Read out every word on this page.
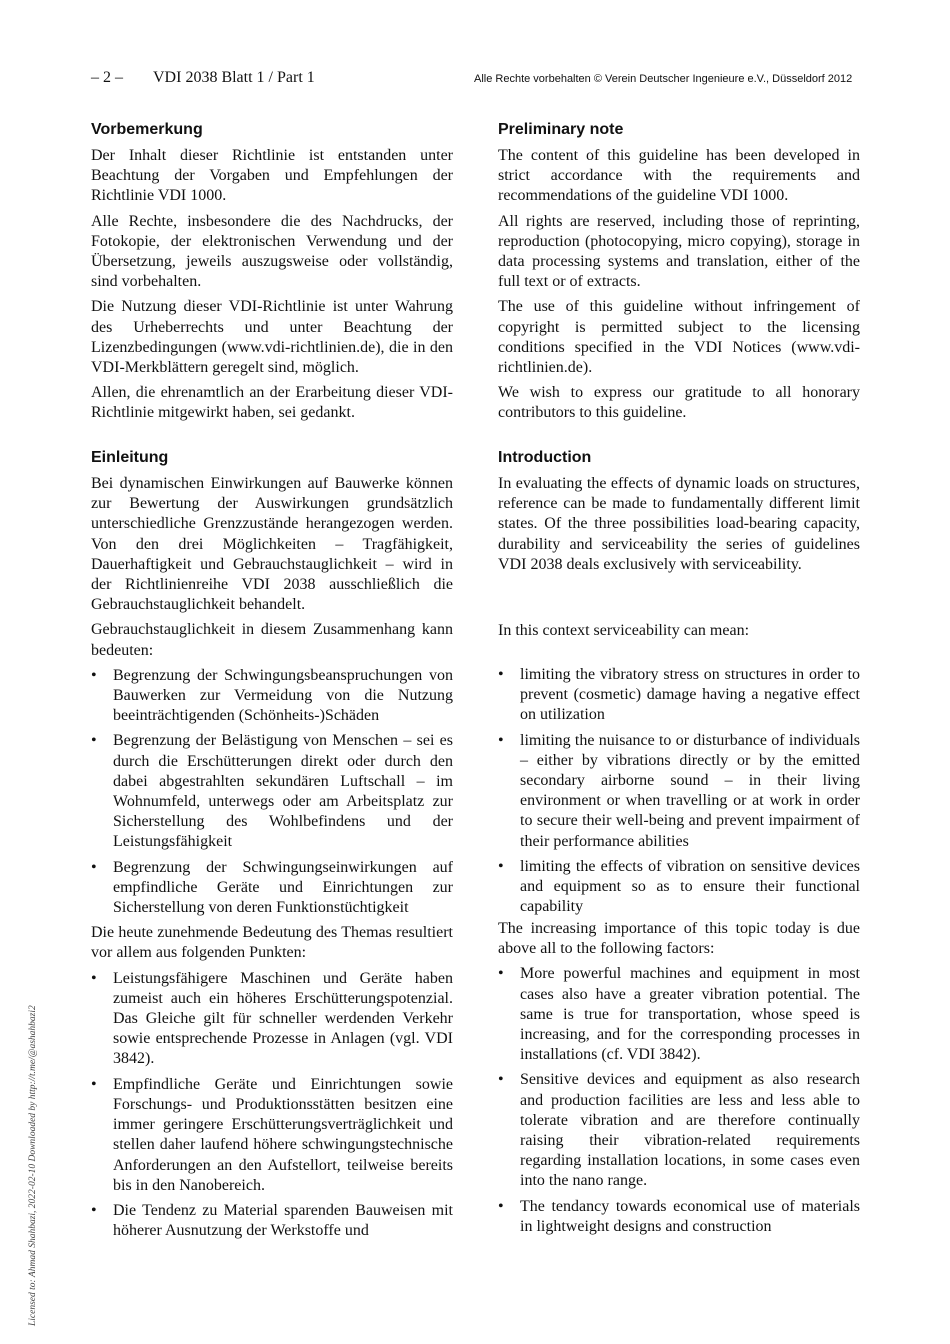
– 2 – VDI 2038 Blatt 1 / Part 1	Alle Rechte vorbehalten © Verein Deutscher Ingenieure e.V., Düsseldorf 2012
Vorbemerkung

Der Inhalt dieser Richtlinie ist entstanden unter Beachtung der Vorgaben und Empfehlungen der Richtlinie VDI 1000.

Alle Rechte, insbesondere die des Nachdrucks, der Fotokopie, der elektronischen Verwendung und der Übersetzung, jeweils auszugsweise oder vollständig, sind vorbehalten.

Die Nutzung dieser VDI-Richtlinie ist unter Wahrung des Urheberrechts und unter Beachtung der Lizenzbedingungen (www.vdi-richtlinien.de), die in den VDI-Merkblättern geregelt sind, möglich.

Allen, die ehrenamtlich an der Erarbeitung dieser VDI-Richtlinie mitgewirkt haben, sei gedankt.

Einleitung

Bei dynamischen Einwirkungen auf Bauwerke können zur Bewertung der Auswirkungen grundsätzlich unterschiedliche Grenzzustände herangezogen werden. Von den drei Möglichkeiten – Tragfähigkeit, Dauerhaftigkeit und Gebrauchstauglichkeit – wird in der Richtlinienreihe VDI 2038 ausschließlich die Gebrauchstauglichkeit behandelt.

Gebrauchstauglichkeit in diesem Zusammenhang kann bedeuten:

• Begrenzung der Schwingungsbeanspruchungen von Bauwerken zur Vermeidung von die Nutzung beeinträchtigenden (Schönheits-)Schäden
• Begrenzung der Belästigung von Menschen – sei es durch die Erschütterungen direkt oder durch den dabei abgestrahlten sekundären Luftschall – im Wohnumfeld, unterwegs oder am Arbeitsplatz zur Sicherstellung des Wohlbefindens und der Leistungsfähigkeit
• Begrenzung der Schwingungseinwirkungen auf empfindliche Geräte und Einrichtungen zur Sicherstellung von deren Funktionstüchtigkeit

Die heute zunehmende Bedeutung des Themas resultiert vor allem aus folgenden Punkten:

• Leistungsfähigere Maschinen und Geräte haben zumeist auch ein höheres Erschütterungspotenzial. Das Gleiche gilt für schneller werdenden Verkehr sowie entsprechende Prozesse in Anlagen (vgl. VDI 3842).
• Empfindliche Geräte und Einrichtungen sowie Forschungs- und Produktionsstätten besitzen eine immer geringere Erschütterungsverträglichkeit und stellen daher laufend höhere schwingungstechnische Anforderungen an den Aufstellort, teilweise bereits bis in den Nanobereich.
• Die Tendenz zu Material sparenden Bauweisen mit höherer Ausnutzung der Werkstoffe und
Preliminary note

The content of this guideline has been developed in strict accordance with the requirements and recommendations of the guideline VDI 1000.

All rights are reserved, including those of reprinting, reproduction (photocopying, micro copying), storage in data processing systems and translation, either of the full text or of extracts.

The use of this guideline without infringement of copyright is permitted subject to the licensing conditions specified in the VDI Notices (www.vdi-richtlinien.de).

We wish to express our gratitude to all honorary contributors to this guideline.

Introduction

In evaluating the effects of dynamic loads on structures, reference can be made to fundamentally different limit states. Of the three possibilities load-bearing capacity, durability and serviceability the series of guidelines VDI 2038 deals exclusively with serviceability.

In this context serviceability can mean:

• limiting the vibratory stress on structures in order to prevent (cosmetic) damage having a negative effect on utilization
• limiting the nuisance to or disturbance of individuals – either by vibrations directly or by the emitted secondary airborne sound – in their living environment or when travelling or at work in order to secure their well-being and prevent impairment of their performance abilities
• limiting the effects of vibration on sensitive devices and equipment so as to ensure their functional capability

The increasing importance of this topic today is due above all to the following factors:

• More powerful machines and equipment in most cases also have a greater vibration potential. The same is true for transportation, whose speed is increasing, and for the corresponding processes in installations (cf. VDI 3842).
• Sensitive devices and equipment as also research and production facilities are less and less able to tolerate vibration and are therefore continually raising their vibration-related requirements regarding installation locations, in some cases even into the nano range.
• The tendancy towards economical use of materials in lightweight designs and construction
Licensed to: Ahmad Shahbazi, 2022-02-10 Downloaded by http://t.me/@ashahbazi2
